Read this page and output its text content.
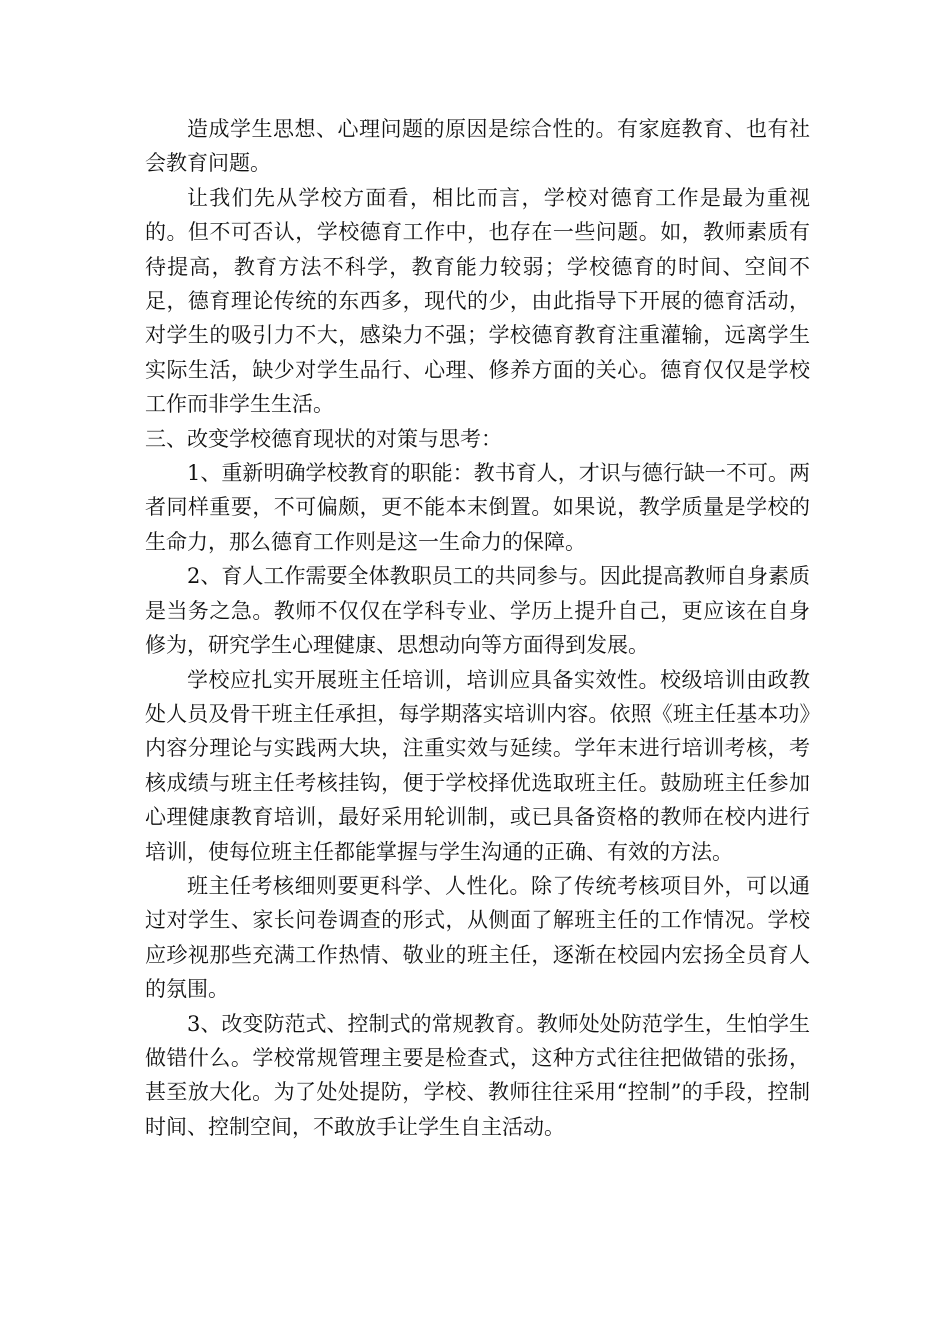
造成学生思想、心理问题的原因是综合性的。有家庭教育、也有社会教育问题。

让我们先从学校方面看，相比而言，学校对德育工作是最为重视的。但不可否认，学校德育工作中，也存在一些问题。如，教师素质有待提高，教育方法不科学，教育能力较弱；学校德育的时间、空间不足，德育理论传统的东西多，现代的少，由此指导下开展的德育活动，对学生的吸引力不大，感染力不强；学校德育教育注重灌输，远离学生实际生活，缺少对学生品行、心理、修养方面的关心。德育仅仅是学校工作而非学生生活。

三、改变学校德育现状的对策与思考：

1、重新明确学校教育的职能：教书育人，才识与德行缺一不可。两者同样重要，不可偏颇，更不能本末倒置。如果说，教学质量是学校的生命力，那么德育工作则是这一生命力的保障。

2、育人工作需要全体教职员工的共同参与。因此提高教师自身素质是当务之急。教师不仅仅在学科专业、学历上提升自己，更应该在自身修为，研究学生心理健康、思想动向等方面得到发展。

学校应扎实开展班主任培训，培训应具备实效性。校级培训由政教处人员及骨干班主任承担，每学期落实培训内容。依照《班主任基本功》内容分理论与实践两大块，注重实效与延续。学年末进行培训考核，考核成绩与班主任考核挂钩，便于学校择优选取班主任。鼓励班主任参加心理健康教育培训，最好采用轮训制，或已具备资格的教师在校内进行培训，使每位班主任都能掌握与学生沟通的正确、有效的方法。

班主任考核细则要更科学、人性化。除了传统考核项目外，可以通过对学生、家长问卷调查的形式，从侧面了解班主任的工作情况。学校应珍视那些充满工作热情、敬业的班主任，逐渐在校园内宏扬全员育人的氛围。

3、改变防范式、控制式的常规教育。教师处处防范学生，生怕学生做错什么。学校常规管理主要是检查式，这种方式往往把做错的张扬，甚至放大化。为了处处提防，学校、教师往往采用“控制”的手段，控制时间、控制空间，不敢放手让学生自主活动。
